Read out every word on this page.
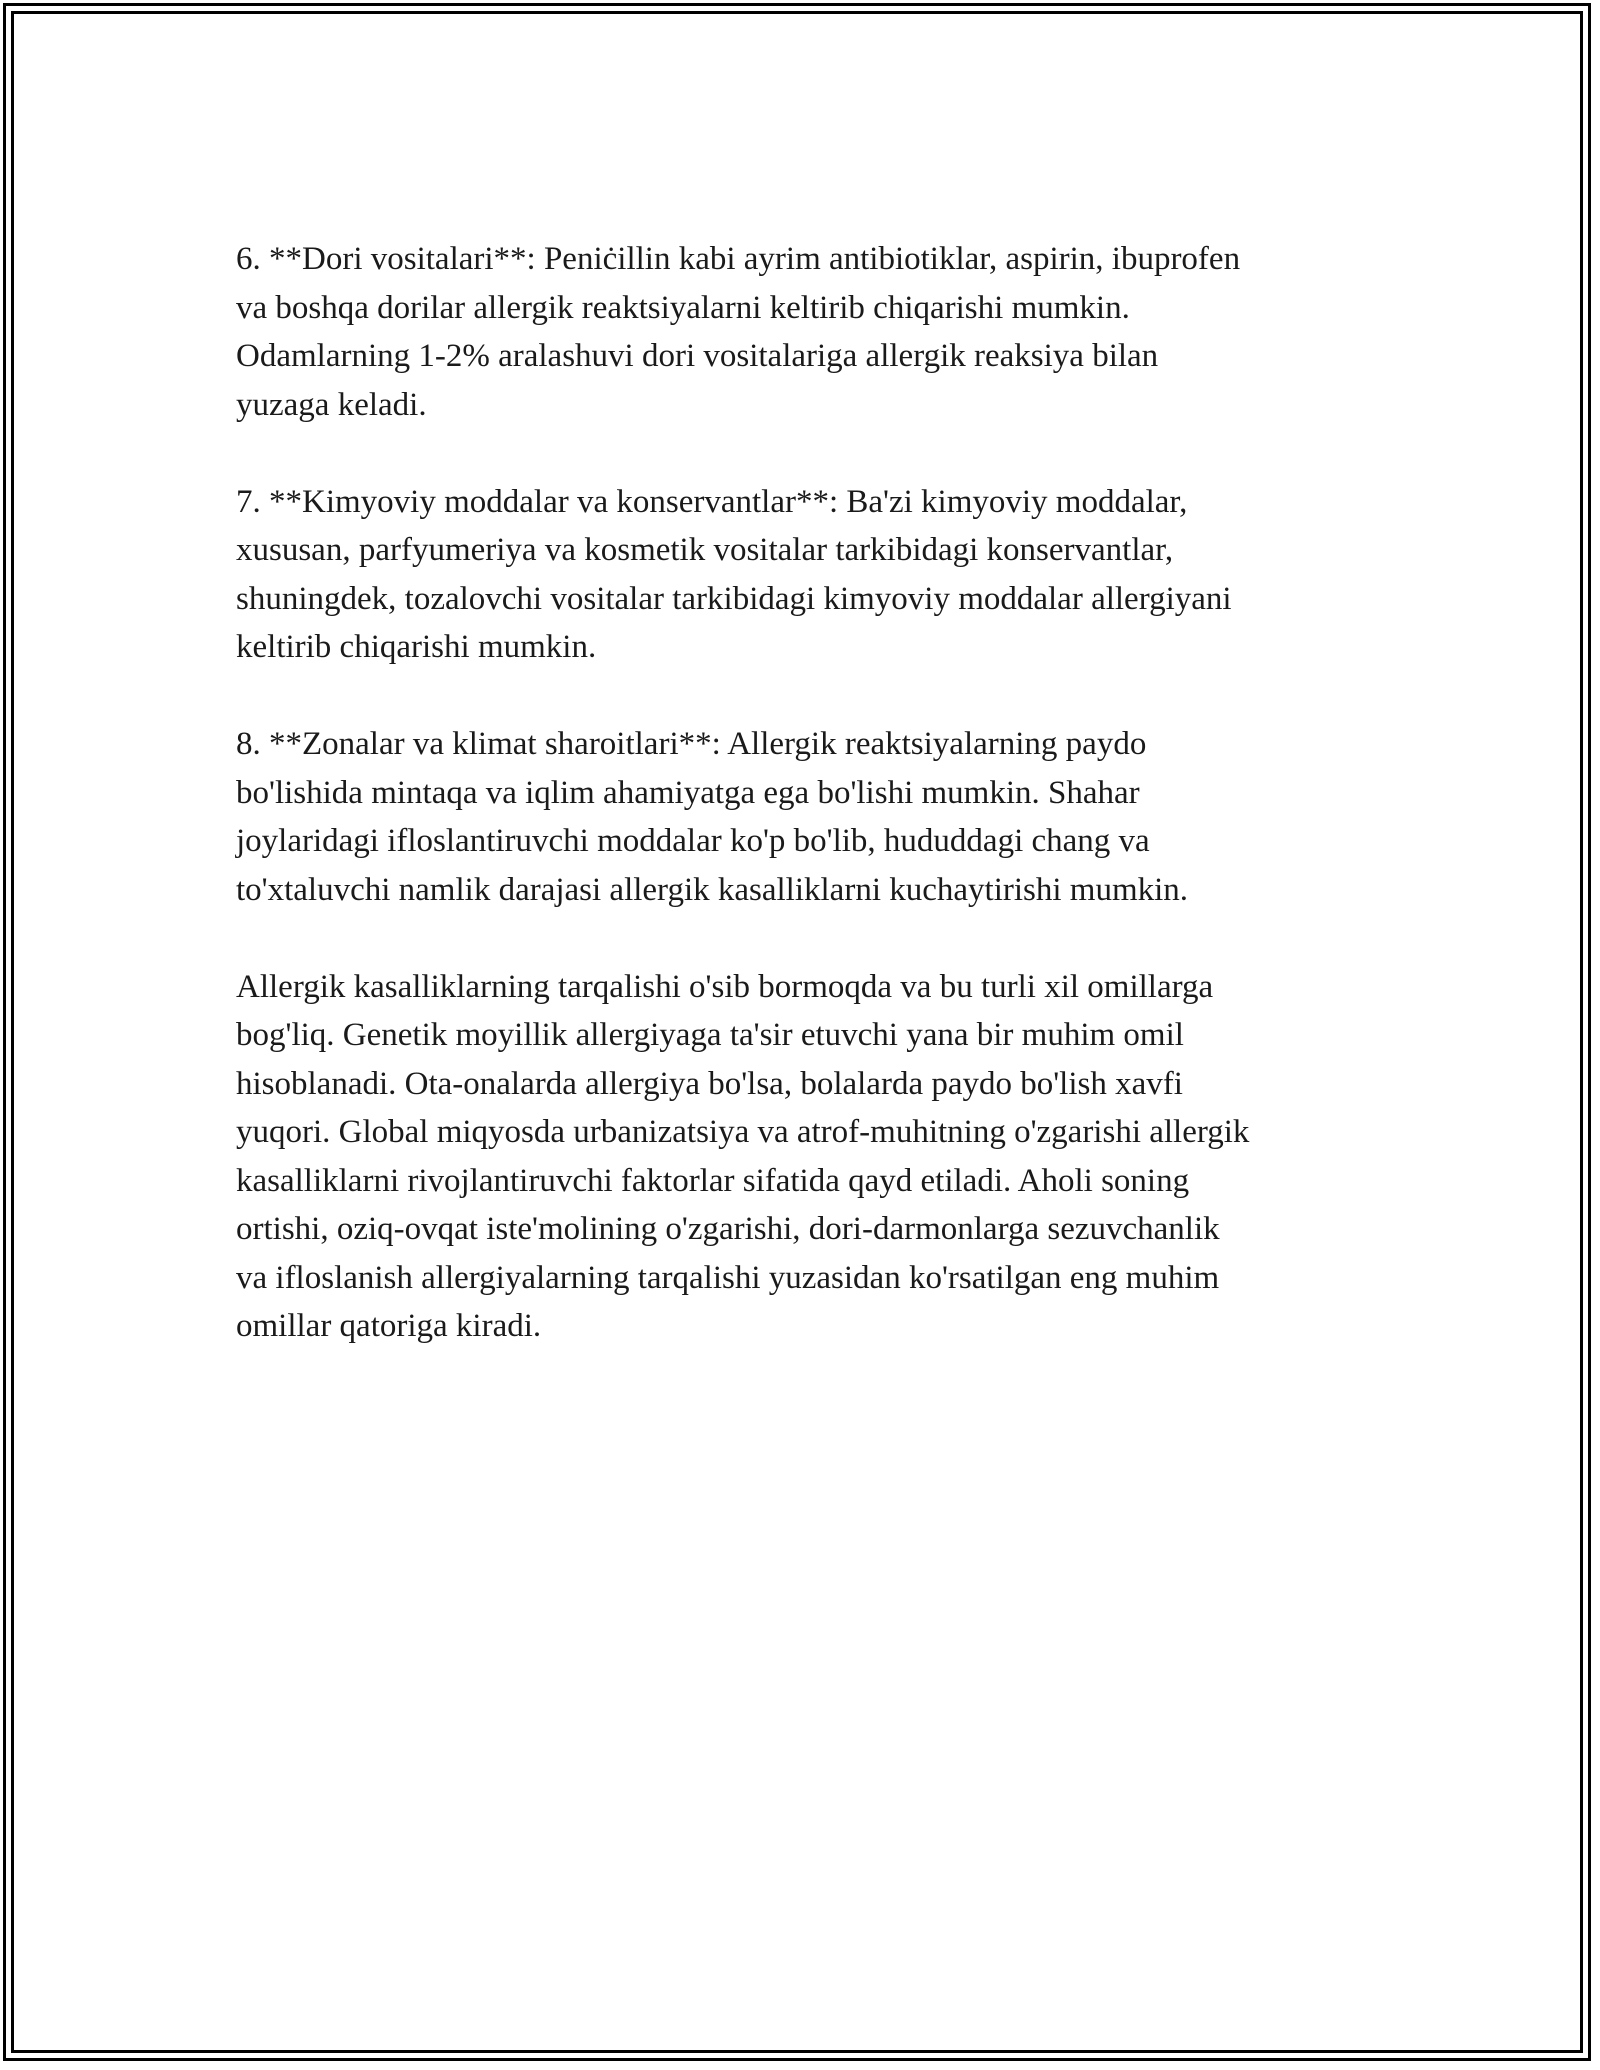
6. **Dori vositalari**: Peniċillin kabi ayrim antibiotiklar, aspirin, ibuprofen
va boshqa dorilar allergik reaktsiyalarni keltirib chiqarishi mumkin.
Odamlarning 1-2% aralashuvi dori vositalariga allergik reaksiya bilan
yuzaga keladi.

7. **Kimyoviy moddalar va konservantlar**: Ba'zi kimyoviy moddalar,
xususan, parfyumeriya va kosmetik vositalar tarkibidagi konservantlar,
shuningdek, tozalovchi vositalar tarkibidagi kimyoviy moddalar allergiyani
keltirib chiqarishi mumkin.

8. **Zonalar va klimat sharoitlari**: Allergik reaktsiyalarning paydo
bo'lishida mintaqa va iqlim ahamiyatga ega bo'lishi mumkin. Shahar
joylaridagi ifloslantiruvchi moddalar ko'p bo'lib, hududdagi chang va
to'xtaluvchi namlik darajasi allergik kasalliklarni kuchaytirishi mumkin.

Allergik kasalliklarning tarqalishi o'sib bormoqda va bu turli xil omillarga
bog'liq. Genetik moyillik allergiyaga ta'sir etuvchi yana bir muhim omil
hisoblanadi. Ota-onalarda allergiya bo'lsa, bolalarda paydo bo'lish xavfi
yuqori. Global miqyosda urbanizatsiya va atrof-muhitning o'zgarishi allergik
kasalliklarni rivojlantiruvchi faktorlar sifatida qayd etiladi. Aholi soning
ortishi, oziq-ovqat iste'molining o'zgarishi, dori-darmonlarga sezuvchanlik
va ifloslanish allergiyalarning tarqalishi yuzasidan ko'rsatilgan eng muhim
omillar qatoriga kiradi.
